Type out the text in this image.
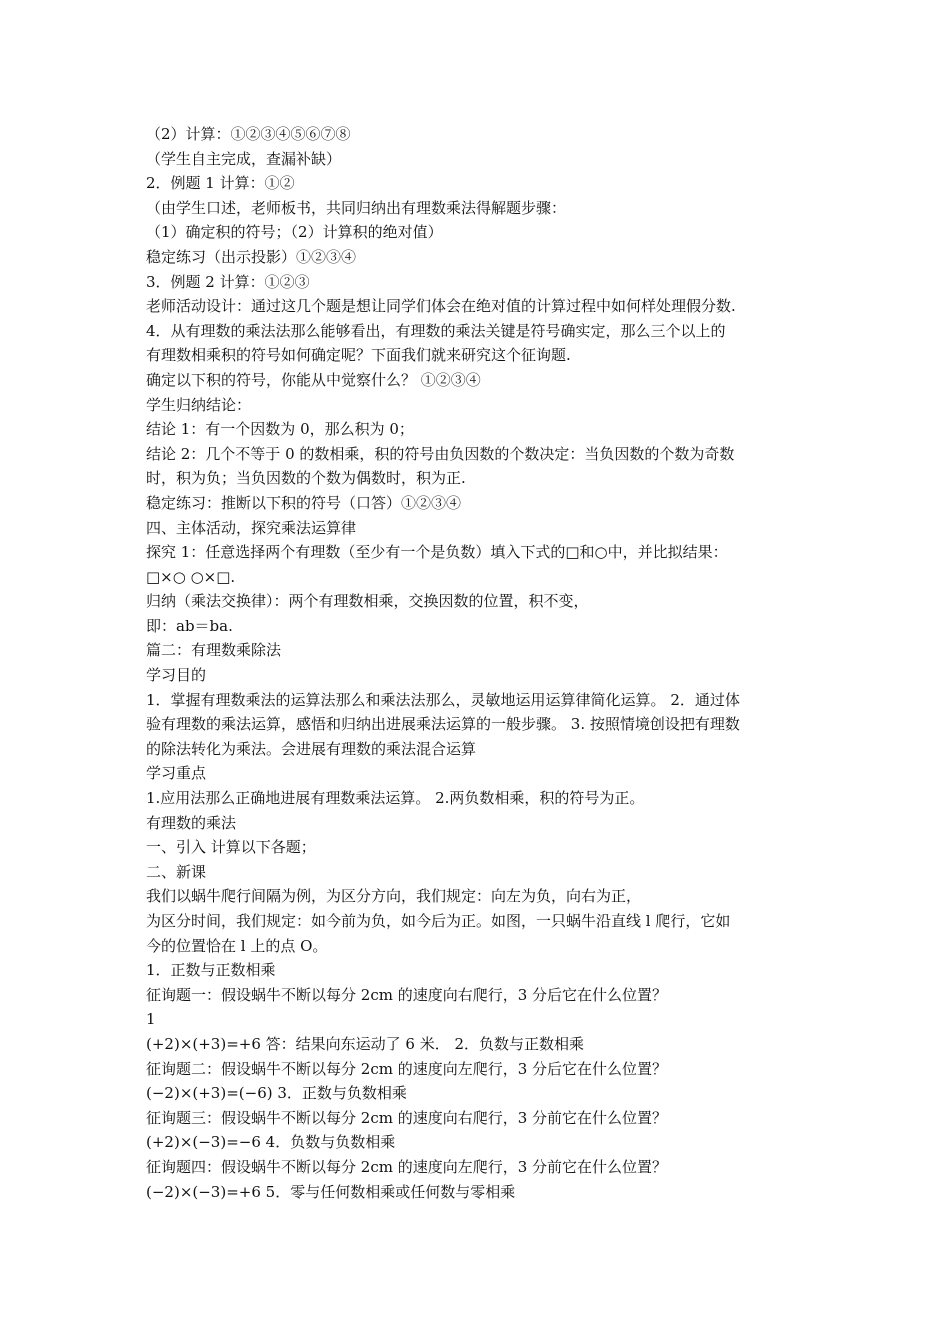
（2）计算：①②③④⑤⑥⑦⑧

（学生自主完成，查漏补缺）

2．例题 1 计算：①②

（由学生口述，老师板书，共同归纳出有理数乘法得解题步骤：

（1）确定积的符号；（2）计算积的绝对值）

稳定练习（出示投影）①②③④

3．例题 2 计算：①②③

老师活动设计：通过这几个题是想让同学们体会在绝对值的计算过程中如何样处理假分数.

4．从有理数的乘法法那么能够看出，有理数的乘法关键是符号确实定，那么三个以上的

有理数相乘积的符号如何确定呢？下面我们就来研究这个征询题.

确定以下积的符号，你能从中觉察什么？ ①②③④

学生归纳结论：

结论 1：有一个因数为 0，那么积为 0；

结论 2：几个不等于 0 的数相乘，积的符号由负因数的个数决定：当负因数的个数为奇数

时，积为负；当负因数的个数为偶数时，积为正.

稳定练习：推断以下积的符号（口答）①②③④

四、主体活动，探究乘法运算律

探究 1：任意选择两个有理数（至少有一个是负数）填入下式的□和○中，并比拟结果：

□×○ ○×□.

归纳（乘法交换律）：两个有理数相乘，交换因数的位置，积不变，

即：ab＝ba.

篇二：有理数乘除法

学习目的

1．掌握有理数乘法的运算法那么和乘法法那么，灵敏地运用运算律简化运算。 2．通过体

验有理数的乘法运算，感悟和归纳出进展乘法运算的一般步骤。 3. 按照情境创设把有理数

的除法转化为乘法。会进展有理数的乘法混合运算

学习重点

1.应用法那么正确地进展有理数乘法运算。 2.两负数相乘，积的符号为正。

有理数的乘法

一、引入 计算以下各题；

二、新课

我们以蜗牛爬行间隔为例，为区分方向，我们规定：向左为负，向右为正，

为区分时间，我们规定：如今前为负，如今后为正。如图，一只蜗牛沿直线 l 爬行，它如

今的位置恰在 l 上的点 O。

1．正数与正数相乘

征询题一：假设蜗牛不断以每分 2cm 的速度向右爬行，3 分后它在什么位置？

1

(+2)×(+3)=+6 答：结果向东运动了 6 米． 2．负数与正数相乘

征询题二：假设蜗牛不断以每分 2cm 的速度向左爬行，3 分后它在什么位置？

(−2)×(+3)=(−6) 3．正数与负数相乘

征询题三：假设蜗牛不断以每分 2cm 的速度向右爬行，3 分前它在什么位置？

(+2)×(−3)=−6 4．负数与负数相乘

征询题四：假设蜗牛不断以每分 2cm 的速度向左爬行，3 分前它在什么位置？

(−2)×(−3)=+6 5．零与任何数相乘或任何数与零相乘
